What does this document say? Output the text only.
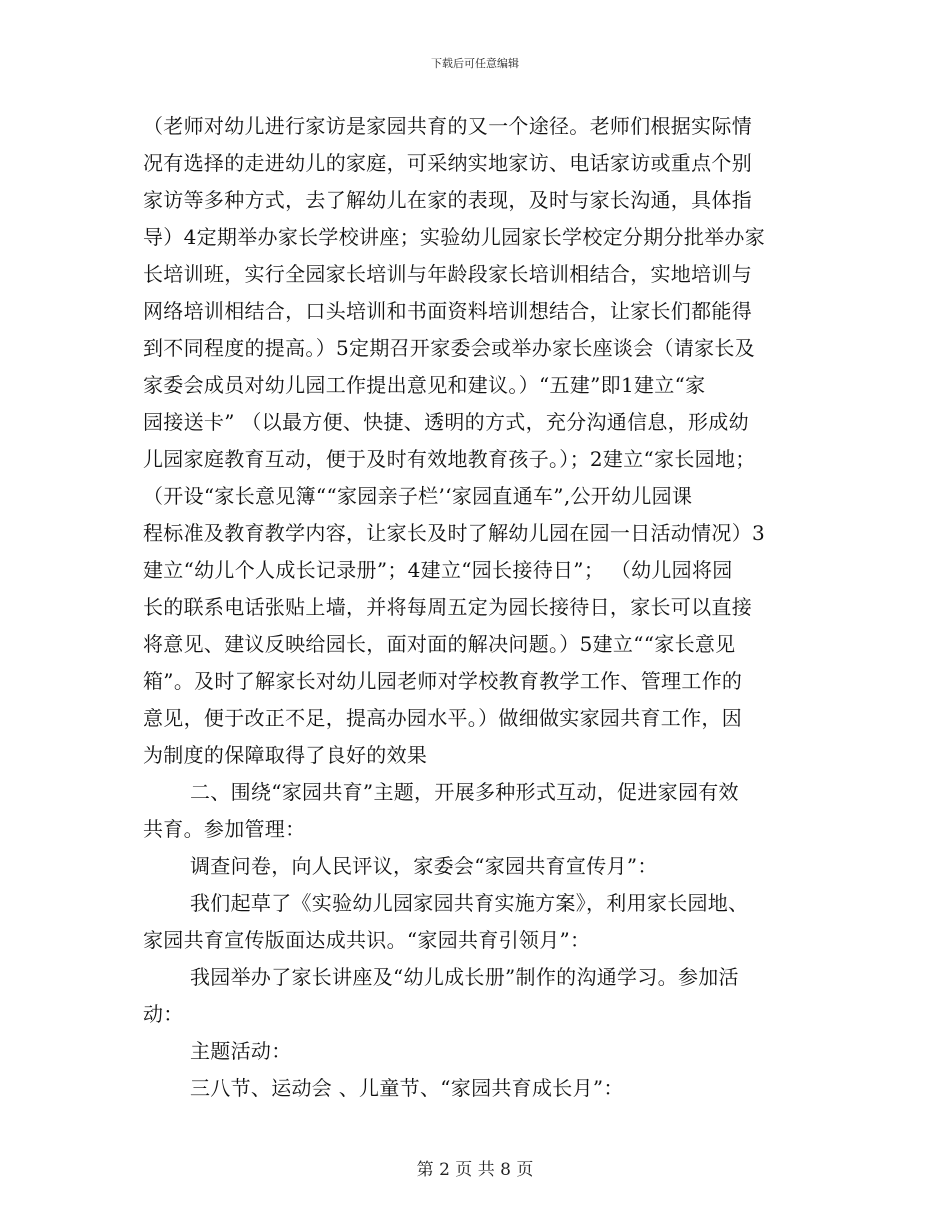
下载后可任意编辑
（老师对幼儿进行家访是家园共育的又一个途径。老师们根据实际情
况有选择的走进幼儿的家庭，可采纳实地家访、电话家访或重点个别
家访等多种方式，去了解幼儿在家的表现，及时与家长沟通，具体指
导）4定期举办家长学校讲座；实验幼儿园家长学校定分期分批举办家
长培训班，实行全园家长培训与年龄段家长培训相结合，实地培训与
网络培训相结合，口头培训和书面资料培训想结合，让家长们都能得
到不同程度的提高。）5定期召开家委会或举办家长座谈会（请家长及
家委会成员对幼儿园工作提出意见和建议。）“五建”即1建立“家
园接送卡” （以最方便、快捷、透明的方式，充分沟通信息，形成幼
儿园家庭教育互动，便于及时有效地教育孩子。）；2建立“家长园地；
（开设“家长意见簿““家园亲子栏’‘家园直通车”,公开幼儿园课
程标准及教育教学内容，让家长及时了解幼儿园在园一日活动情况）3
建立“幼儿个人成长记录册”；4建立“园长接待日”； （幼儿园将园
长的联系电话张贴上墙，并将每周五定为园长接待日，家长可以直接
将意见、建议反映给园长，面对面的解决问题。）5建立““家长意见
箱”。及时了解家长对幼儿园老师对学校教育教学工作、管理工作的
意见，便于改正不足，提高办园水平。）做细做实家园共育工作，因
为制度的保障取得了良好的效果
二、围绕“家园共育”主题，开展多种形式互动，促进家园有效
共育。参加管理：
调查问卷，向人民评议，家委会“家园共育宣传月”：
我们起草了《实验幼儿园家园共育实施方案》，利用家长园地、
家园共育宣传版面达成共识。“家园共育引领月”：
我园举办了家长讲座及“幼儿成长册”制作的沟通学习。参加活
动：
主题活动：
三八节、运动会 、儿童节、“家园共育成长月”：
第 2 页 共 8 页
